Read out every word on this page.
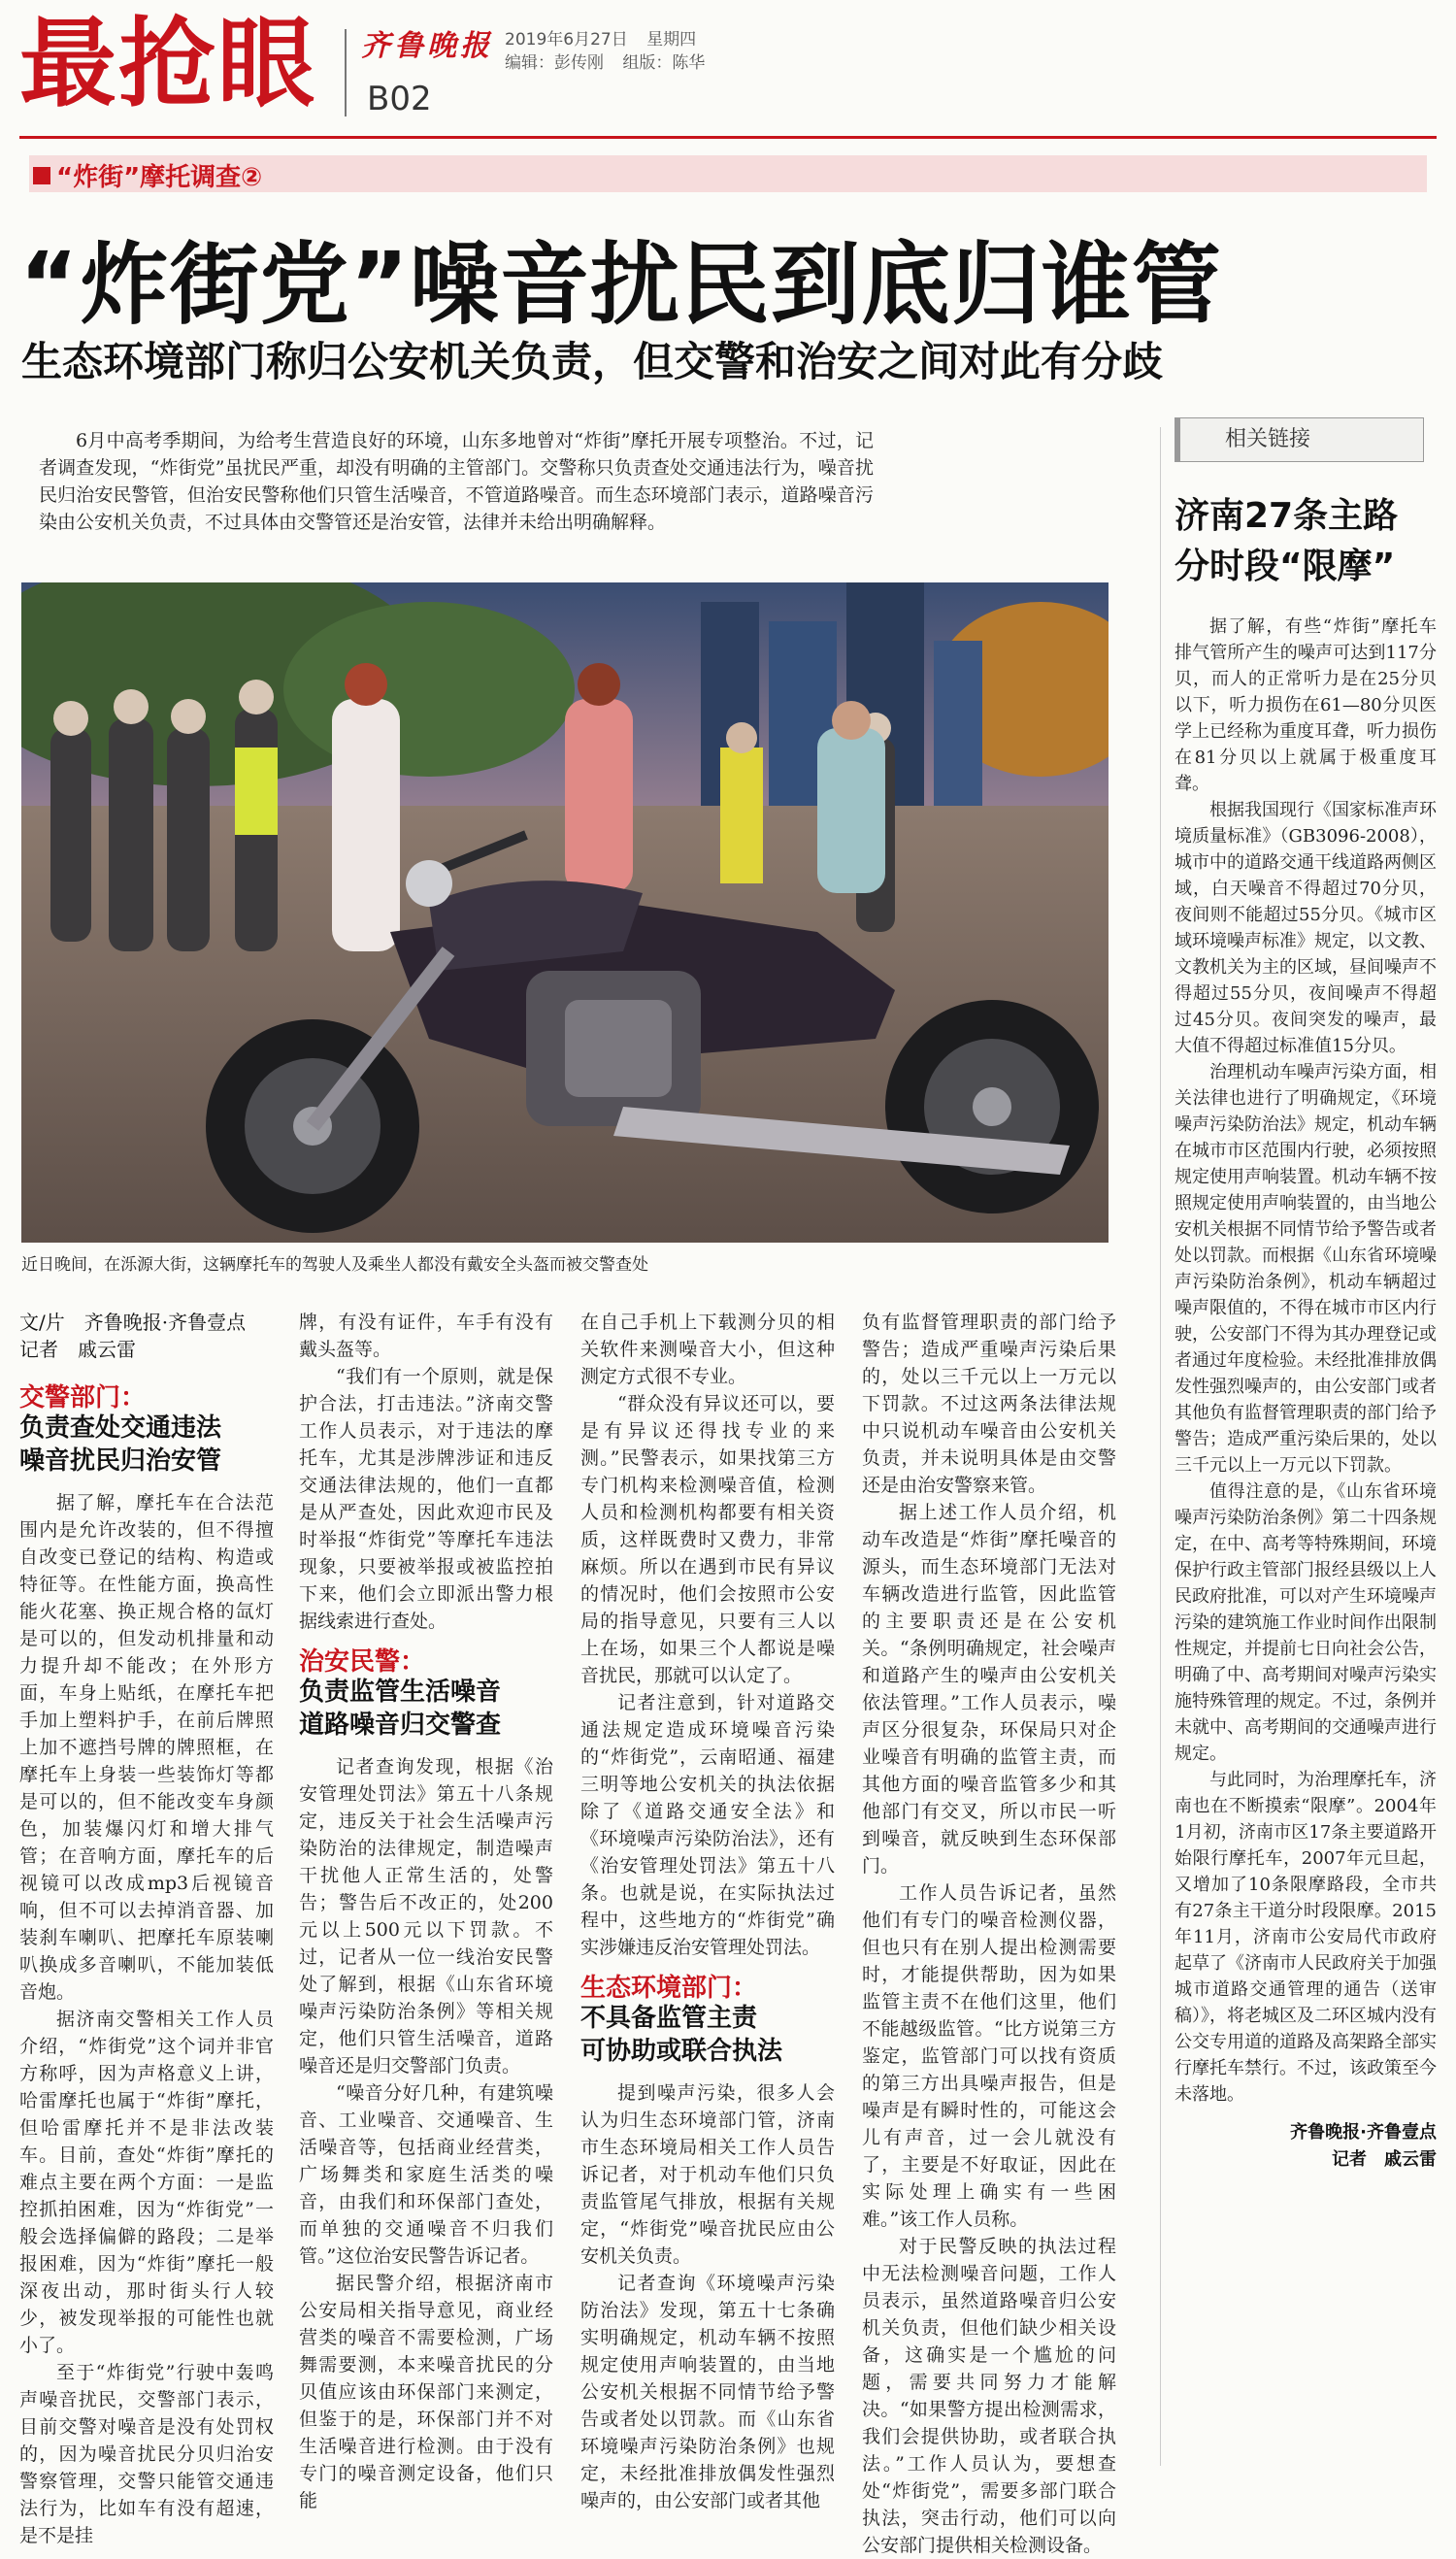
最抢眼 齐鲁晚报
B02
2019年6月27日 星期四
编辑：彭传刚 组版：陈华
“炸街”摩托调查②
“炸街党”噪音扰民到底归谁管
生态环境部门称归公安机关负责，但交警和治安之间对此有分歧

6月中高考季期间，为给考生营造良好的环境，山东多地曾对“炸街”摩托开展专项整治。不过，记者调查发现，“炸街党”虽扰民严重，却没有明确的主管部门。交警称只负责查处交通违法行为，噪音扰民归治安民警管，但治安民警称他们只管生活噪音，不管道路噪音。而生态环境部门表示，道路噪音污染由公安机关负责，不过具体由交警管还是治安管，法律并未给出明确解释。

近日晚间，在泺源大街，这辆摩托车的驾驶人及乘坐人都没有戴安全头盔而被交警查处
文/片　齐鲁晚报·齐鲁壹点
记者　戚云雷
交警部门：
负责查处交通违法
噪音扰民归治安管

据了解，摩托车在合法范围内是允许改装的，但不得擅自改变已登记的结构、构造或特征等。在性能方面，换高性能火花塞、换正规合格的氙灯是可以的，但发动机排量和动力提升却不能改；在外形方面，车身上贴纸，在摩托车把手加上塑料护手，在前后牌照上加不遮挡号牌的牌照框，在摩托车上身装一些装饰灯等都是可以的，但不能改变车身颜色，加装爆闪灯和增大排气管；在音响方面，摩托车的后视镜可以改成mp3后视镜音响，但不可以去掉消音器、加装刹车喇叭、把摩托车原装喇叭换成多音喇叭，不能加装低音炮。

据济南交警相关工作人员介绍，“炸街党”这个词并非官方称呼，因为声格意义上讲，哈雷摩托也属于“炸街”摩托，但哈雷摩托并不是非法改装车。目前，查处“炸街”摩托的难点主要在两个方面：一是监控抓拍困难，因为“炸街党”一般会选择偏僻的路段；二是举报困难，因为“炸街”摩托一般深夜出动，那时街头行人较少，被发现举报的可能性也就小了。

至于“炸街党”行驶中轰鸣声噪音扰民，交警部门表示，目前交警对噪音是没有处罚权的，因为噪音扰民分贝归治安警察管理，交警只能管交通违法行为，比如车有没有超速，是不是挂

牌，有没有证件，车手有没有戴头盔等。

“我们有一个原则，就是保护合法，打击违法。”济南交警工作人员表示，对于违法的摩托车，尤其是涉牌涉证和违反交通法律法规的，他们一直都是从严查处，因此欢迎市民及时举报“炸街党”等摩托车违法现象，只要被举报或被监控拍下来，他们会立即派出警力根据线索进行查处。

治安民警：
负责监管生活噪音
道路噪音归交警查

记者查询发现，根据《治安管理处罚法》第五十八条规定，违反关于社会生活噪声污染防治的法律规定，制造噪声干扰他人正常生活的，处警告；警告后不改正的，处200元以上500元以下罚款。不过，记者从一位一线治安民警处了解到，根据《山东省环境噪声污染防治条例》等相关规定，他们只管生活噪音，道路噪音还是归交警部门负责。

“噪音分好几种，有建筑噪音、工业噪音、交通噪音、生活噪音等，包括商业经营类，广场舞类和家庭生活类的噪音，由我们和环保部门查处，而单独的交通噪音不归我们管。”这位治安民警告诉记者。

据民警介绍，根据济南市公安局相关指导意见，商业经营类的噪音不需要检测，广场舞需要测，本来噪音扰民的分贝值应该由环保部门来测定，但鉴于的是，环保部门并不对生活噪音进行检测。由于没有专门的噪音测定设备，他们只能

在自己手机上下载测分贝的相关软件来测噪音大小，但这种测定方式很不专业。

“群众没有异议还可以，要是有异议还得找专业的来测。”民警表示，如果找第三方专门机构来检测噪音值，检测人员和检测机构都要有相关资质，这样既费时又费力，非常麻烦。所以在遇到市民有异议的情况时，他们会按照市公安局的指导意见，只要有三人以上在场，如果三个人都说是噪音扰民，那就可以认定了。

记者注意到，针对道路交通法规定造成环境噪音污染的“炸街党”，云南昭通、福建三明等地公安机关的执法依据除了《道路交通安全法》和《环境噪声污染防治法》，还有《治安管理处罚法》第五十八条。也就是说，在实际执法过程中，这些地方的“炸街党”确实涉嫌违反治安管理处罚法。

生态环境部门：
不具备监管主责
可协助或联合执法

提到噪声污染，很多人会认为归生态环境部门管，济南市生态环境局相关工作人员告诉记者，对于机动车他们只负责监管尾气排放，根据有关规定，“炸街党”噪音扰民应由公安机关负责。

记者查询《环境噪声污染防治法》发现，第五十七条确实明确规定，机动车辆不按照规定使用声响装置的，由当地公安机关根据不同情节给予警告或者处以罚款。而《山东省环境噪声污染防治条例》也规定，未经批准排放偶发性强烈噪声的，由公安部门或者其他

负有监督管理职责的部门给予警告；造成严重噪声污染后果的，处以三千元以上一万元以下罚款。不过这两条法律法规中只说机动车噪音由公安机关负责，并未说明具体是由交警还是由治安警察来管。

据上述工作人员介绍，机动车改造是“炸街”摩托噪音的源头，而生态环境部门无法对车辆改造进行监管，因此监管的主要职责还是在公安机关。“条例明确规定，社会噪声和道路产生的噪声由公安机关依法管理。”工作人员表示，噪声区分很复杂，环保局只对企业噪音有明确的监管主责，而其他方面的噪音监管多少和其他部门有交叉，所以市民一听到噪音，就反映到生态环保部门。

工作人员告诉记者，虽然他们有专门的噪音检测仪器，但也只有在别人提出检测需要时，才能提供帮助，因为如果监管主责不在他们这里，他们不能越级监管。“比方说第三方鉴定，监管部门可以找有资质的第三方出具噪声报告，但是噪声是有瞬时性的，可能这会儿有声音，过一会儿就没有了，主要是不好取证，因此在实际处理上确实有一些困难。”该工作人员称。

对于民警反映的执法过程中无法检测噪音问题，工作人员表示，虽然道路噪音归公安机关负责，但他们缺少相关设备，这确实是一个尴尬的问题，需要共同努力才能解决。“如果警方提出检测需求，我们会提供协助，或者联合执法。”工作人员认为，要想查处“炸街党”，需要多部门联合执法，突击行动，他们可以向公安部门提供相关检测设备。

相关链接
济南27条主路
分时段“限摩”

据了解，有些“炸街”摩托车排气管所产生的噪声可达到117分贝，而人的正常听力是在25分贝以下，听力损伤在61—80分贝医学上已经称为重度耳聋，听力损伤在81分贝以上就属于极重度耳聋。

根据我国现行《国家标准声环境质量标准》（GB3096-2008），城市中的道路交通干线道路两侧区域，白天噪音不得超过70分贝，夜间则不能超过55分贝。《城市区域环境噪声标准》规定，以文教、文教机关为主的区域，昼间噪声不得超过55分贝，夜间噪声不得超过45分贝。夜间突发的噪声，最大值不得超过标准值15分贝。

治理机动车噪声污染方面，相关法律也进行了明确规定，《环境噪声污染防治法》规定，机动车辆在城市市区范围内行驶，必须按照规定使用声响装置。机动车辆不按照规定使用声响装置的，由当地公安机关根据不同情节给予警告或者处以罚款。而根据《山东省环境噪声污染防治条例》，机动车辆超过噪声限值的，不得在城市市区内行驶，公安部门不得为其办理登记或者通过年度检验。未经批准排放偶发性强烈噪声的，由公安部门或者其他负有监督管理职责的部门给予警告；造成严重污染后果的，处以三千元以上一万元以下罚款。

值得注意的是，《山东省环境噪声污染防治条例》第二十四条规定，在中、高考等特殊期间，环境保护行政主管部门报经县级以上人民政府批准，可以对产生环境噪声污染的建筑施工作业时间作出限制性规定，并提前七日向社会公告，明确了中、高考期间对噪声污染实施特殊管理的规定。不过，条例并未就中、高考期间的交通噪声进行规定。

与此同时，为治理摩托车，济南也在不断摸索“限摩”。2004年1月初，济南市区17条主要道路开始限行摩托车，2007年元旦起，又增加了10条限摩路段，全市共有27条主干道分时段限摩。2015年11月，济南市公安局代市政府起草了《济南市人民政府关于加强城市道路交通管理的通告（送审稿）》，将老城区及二环区城内没有公交专用道的道路及高架路全部实行摩托车禁行。不过，该政策至今未落地。

齐鲁晚报·齐鲁壹点
记者　戚云雷
